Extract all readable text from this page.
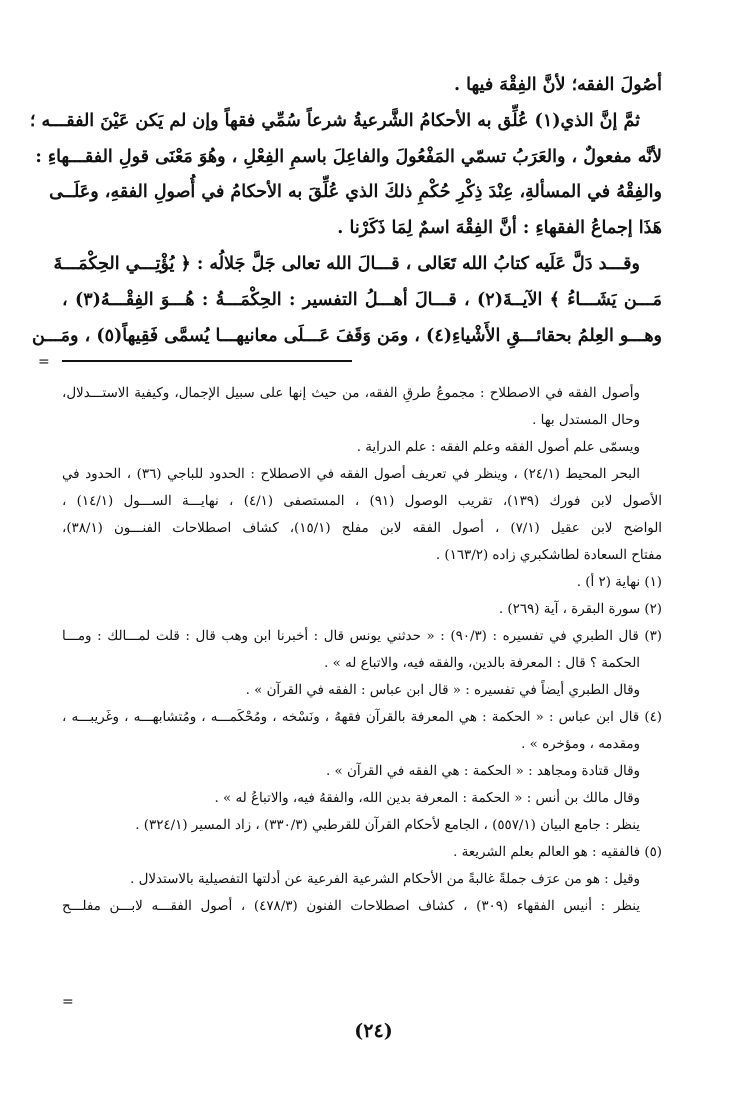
أصُولَ الفقه؛ لأنَّ الفِقْهَ فيها .
ثمَّ إنَّ الذي(١) عُلِّق به الأحكامُ الشَّرعيةُ شرعاً سُمِّي فقهاً وإن لم يَكن عَيْنَ الفقـــه ؛
لأنَّه مفعولٌ ، والعَرَبُ تسمّي المَفْعُولَ والفاعِلَ باسمِ الفِعْلِ ، وهُوَ مَعْنَى قولِ الفقـــهاءِ :
والفِقْهُ في المسألةِ، عِنْدَ ذِكْرِ حُكْمِ ذلكَ الذي عُلِّقَ به الأحكامُ في أُصولِ الفقهِ، وعَلَــى
هَذَا إجماعُ الفقهاءِ : أنَّ الفِقْهَ اسمٌ لِمَا ذَكَرْنا .
وقـــد دَلَّ عَلَيه كتابُ الله تَعَالى ، قـــالَ الله تعالى جَلَّ جَلالُه : ﴿ يُؤْتِـــي الحِكْمَـــةَ
مَـــن يَشَـــاءُ ﴾ الآيــةَ(٢) ، قـــالَ أهـــلُ التفسير : الحِكْمَـــةُ : هُـــوَ الفِقْـــهُ(٣) ،
وهـــو العِلمُ بحقائـــقِ الأَشْياءِ(٤) ، ومَن وَقَفَ عَـــلَى معانيهـــا يُسمَّى فَقِيهاً(٥) ، ومَـــن
=
وأصول الفقه في الاصطلاح : مجموعُ طرقِ الفقه، من حيث إنها على سبيل الإجمال، وكيفية الاستـــدلال،
وحال المستدل بها .
ويسمّى علم أصول الفقه وعلم الفقه : علم الدراية .
البحر المحيط (٢٤/١) ، وينظر في تعريف أصول الفقه في الاصطلاح : الحدود للباجي (٣٦) ، الحدود في
الأصول لابن فورك (١٣٩)، تقريب الوصول (٩١) ، المستصفى (٤/١) ، نهايـــة الســـول (١٤/١) ،
الواضح لابن عقيل (٧/١) ، أصول الفقه لابن مفلح (١٥/١)، كشاف اصطلاحات الفنـــون (٣٨/١)،
مفتاح السعادة لطاشكبري زاده (١٦٣/٢) .
(١) نهاية (٢ أ) .
(٢) سورة البقرة ، آية (٢٦٩) .
(٣) قال الطبري في تفسيره : (٩٠/٣) : « حدثني يونس قال : أخبرنا ابن وهب قال : قلت لمـــالك : ومـــا
الحكمة ؟ قال : المعرفة بالدين، والفقه فيه، والاتباع له » .
وقال الطبري أيضاً في تفسيره : « قال ابن عباس : الفقه في القرآن » .
(٤) قال ابن عباس : « الحكمة : هي المعرفة بالقرآن فقههُ ، ونَسْخه ، ومُحْكَمـــه ، ومُتشابهـــه ، وغَريبـــه ،
ومقدمه ، ومؤخره » .
وقال قتادة ومجاهد : « الحكمة : هي الفقه في القرآن » .
وقال مالك بن أنس : « الحكمة : المعرفة بدين الله، والفقهُ فيه، والاتباعُ له » .
ينظر : جامع البيان (٥٥٧/١) ، الجامع لأحكام القرآن للقرطبي (٣٣٠/٣) ، زاد المسير (٣٢٤/١) .
(٥) فالفقيه : هو العالم بعلم الشريعة .
وقيل : هو من عرَف جملةً غالبةً من الأحكام الشرعية الفرعية عن أدلتها التفصيلية بالاستدلال .
ينظر : أنيس الفقهاء (٣٠٩) ، كشاف اصطلاحات الفنون (٤٧٨/٣) ، أصول الفقـــه لابـــن مفلـــح
=
(٢٤)
